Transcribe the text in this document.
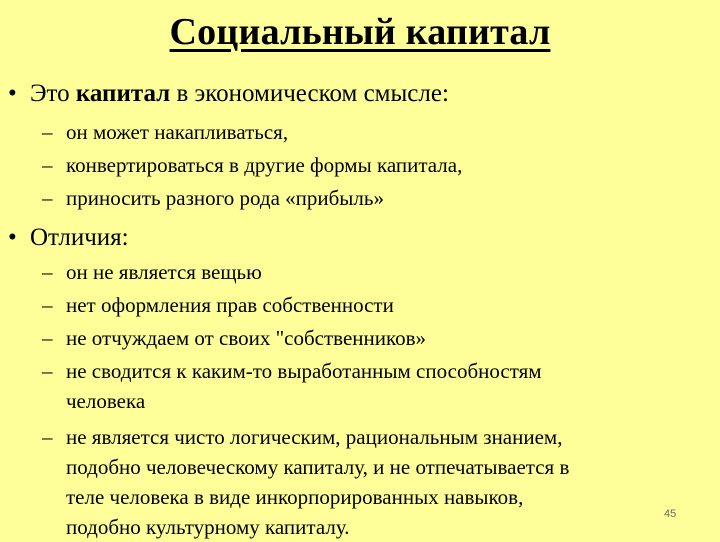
Социальный капитал
• Это капитал в экономическом смысле:
– он может накапливаться,
– конвертироваться в другие формы капитала,
– приносить разного рода «прибыль»
• Отличия:
– он не является вещью
– нет оформления прав собственности
– не отчуждаем от своих "собственников»
– не сводится к каким-то выработанным способностям
человека
– не является чисто логическим, рациональным знанием,
подобно человеческому капиталу, и не отпечатывается в
теле человека в виде инкорпорированных навыков,
подобно культурному капиталу.
45
